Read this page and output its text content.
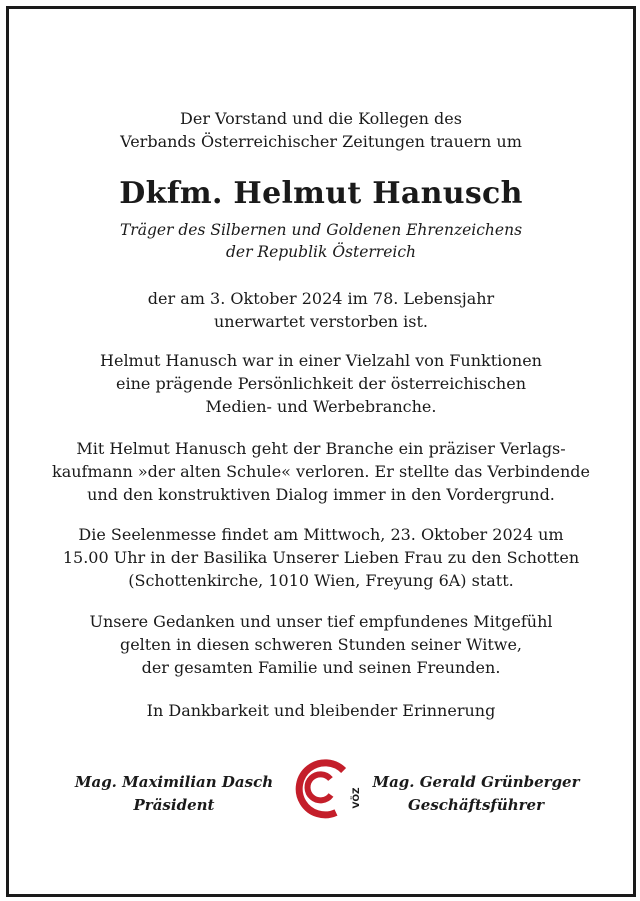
Der Vorstand und die Kollegen des
Verbands Österreichischer Zeitungen trauern um
Dkfm. Helmut Hanusch
Träger des Silbernen und Goldenen Ehrenzeichens
der Republik Österreich
der am 3. Oktober 2024 im 78. Lebensjahr
unerwartet verstorben ist.
Helmut Hanusch war in einer Vielzahl von Funktionen
eine prägende Persönlichkeit der österreichischen
Medien- und Werbebranche.
Mit Helmut Hanusch geht der Branche ein präziser Verlags-
kaufmann »der alten Schule« verloren. Er stellte das Verbindende
und den konstruktiven Dialog immer in den Vordergrund.
Die Seelenmesse findet am Mittwoch, 23. Oktober 2024 um
15.00 Uhr in der Basilika Unserer Lieben Frau zu den Schotten
(Schottenkirche, 1010 Wien, Freyung 6A) statt.
Unsere Gedanken und unser tief empfundenes Mitgefühl
gelten in diesen schweren Stunden seiner Witwe,
der gesamten Familie und seinen Freunden.
In Dankbarkeit und bleibender Erinnerung
Mag. Maximilian Dasch
Präsident	VÖZ
Mag. Gerald Grünberger
Geschäftsführer
